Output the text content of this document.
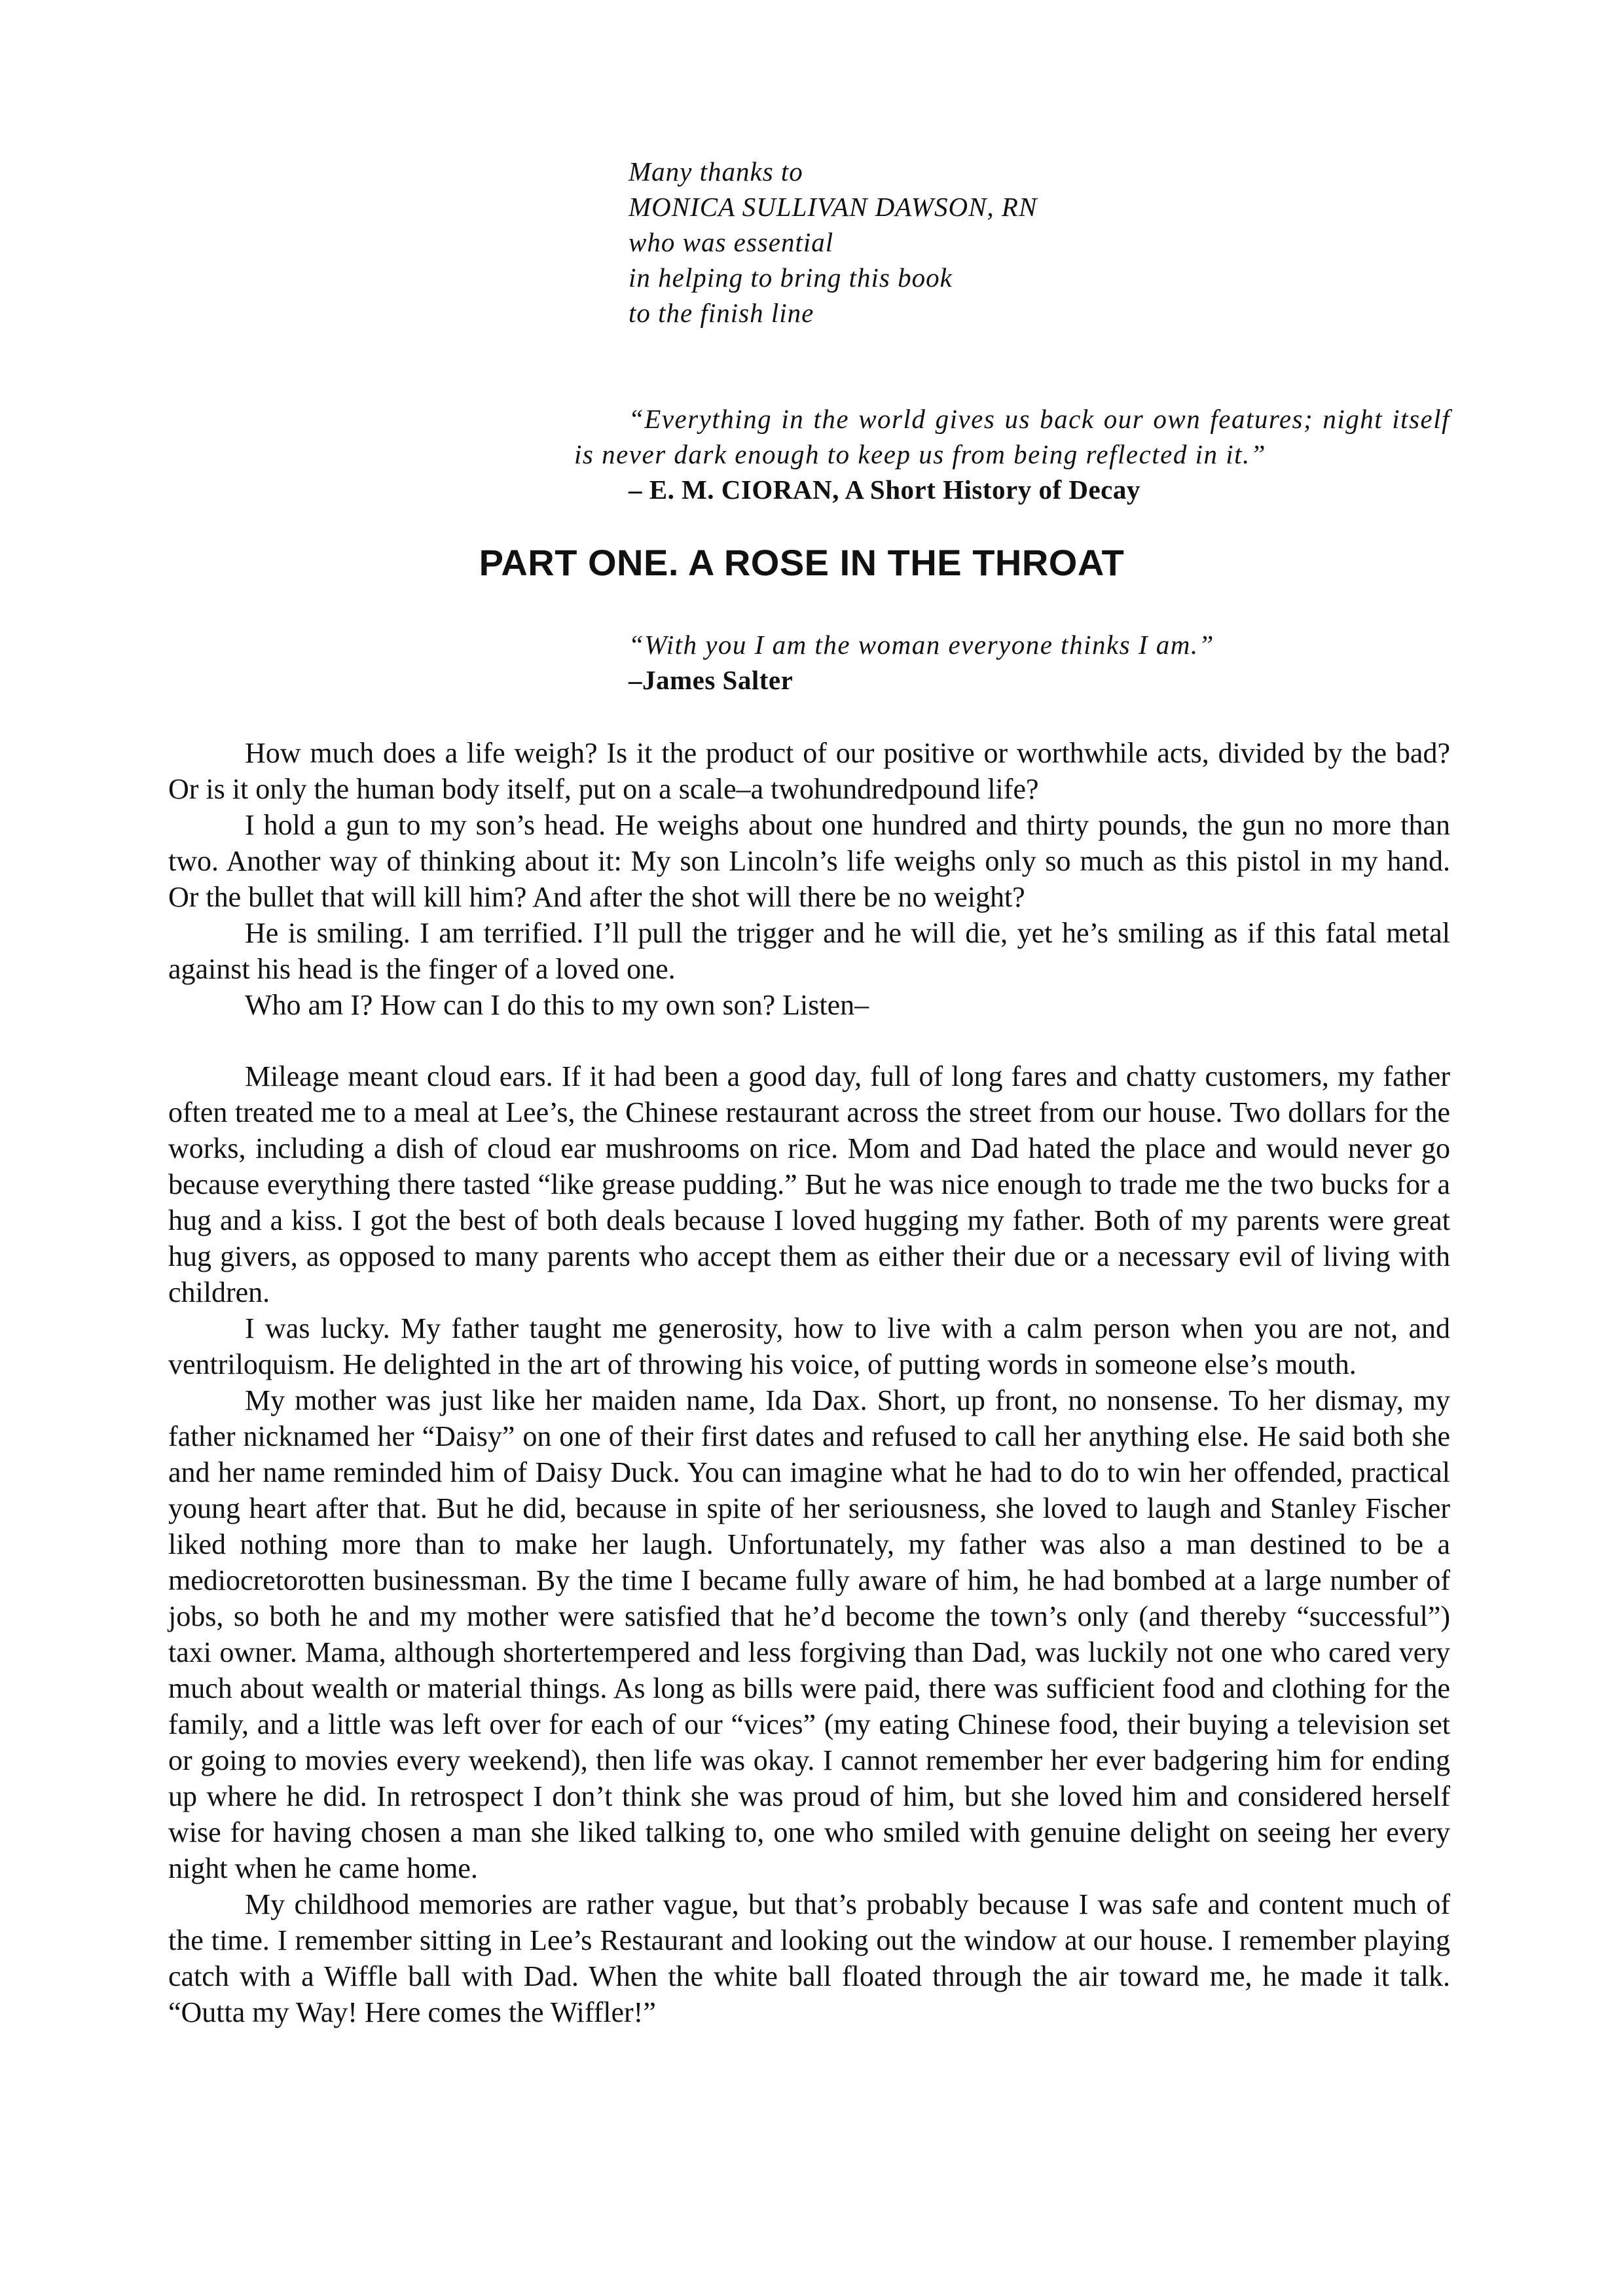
Many thanks to
MONICA SULLIVAN DAWSON, RN
who was essential
in helping to bring this book
to the finish line
“Everything in the world gives us back our own features; night itself is never dark enough to keep us from being reflected in it.”
– E. M. CIORAN, A Short History of Decay
PART ONE. A ROSE IN THE THROAT
“With you I am the woman everyone thinks I am.”
–James Salter

How much does a life weigh? Is it the product of our positive or worthwhile acts, divided by the bad? Or is it only the human body itself, put on a scale–a twohundredpound life?

I hold a gun to my son’s head. He weighs about one hundred and thirty pounds, the gun no more than two. Another way of thinking about it: My son Lincoln’s life weighs only so much as this pistol in my hand. Or the bullet that will kill him? And after the shot will there be no weight?

He is smiling. I am terrified. I’ll pull the trigger and he will die, yet he’s smiling as if this fatal metal against his head is the finger of a loved one.

Who am I? How can I do this to my own son? Listen–

Mileage meant cloud ears. If it had been a good day, full of long fares and chatty customers, my father often treated me to a meal at Lee’s, the Chinese restaurant across the street from our house. Two dollars for the works, including a dish of cloud ear mushrooms on rice. Mom and Dad hated the place and would never go because everything there tasted “like grease pudding.” But he was nice enough to trade me the two bucks for a hug and a kiss. I got the best of both deals because I loved hugging my father. Both of my parents were great hug givers, as opposed to many parents who accept them as either their due or a necessary evil of living with children.

I was lucky. My father taught me generosity, how to live with a calm person when you are not, and ventriloquism. He delighted in the art of throwing his voice, of putting words in someone else’s mouth.

My mother was just like her maiden name, Ida Dax. Short, up front, no nonsense. To her dismay, my father nicknamed her “Daisy” on one of their first dates and refused to call her anything else. He said both she and her name reminded him of Daisy Duck. You can imagine what he had to do to win her offended, practical young heart after that. But he did, because in spite of her seriousness, she loved to laugh and Stanley Fischer liked nothing more than to make her laugh. Unfortunately, my father was also a man destined to be a mediocretorotten businessman. By the time I became fully aware of him, he had bombed at a large number of jobs, so both he and my mother were satisfied that he’d become the town’s only (and thereby “successful”) taxi owner. Mama, although shortertempered and less forgiving than Dad, was luckily not one who cared very much about wealth or material things. As long as bills were paid, there was sufficient food and clothing for the family, and a little was left over for each of our “vices” (my eating Chinese food, their buying a television set or going to movies every weekend), then life was okay. I cannot remember her ever badgering him for ending up where he did. In retrospect I don’t think she was proud of him, but she loved him and considered herself wise for having chosen a man she liked talking to, one who smiled with genuine delight on seeing her every night when he came home.

My childhood memories are rather vague, but that’s probably because I was safe and content much of the time. I remember sitting in Lee’s Restaurant and looking out the window at our house. I remember playing catch with a Wiffle ball with Dad. When the white ball floated through the air toward me, he made it talk. “Outta my Way! Here comes the Wiffler!”
